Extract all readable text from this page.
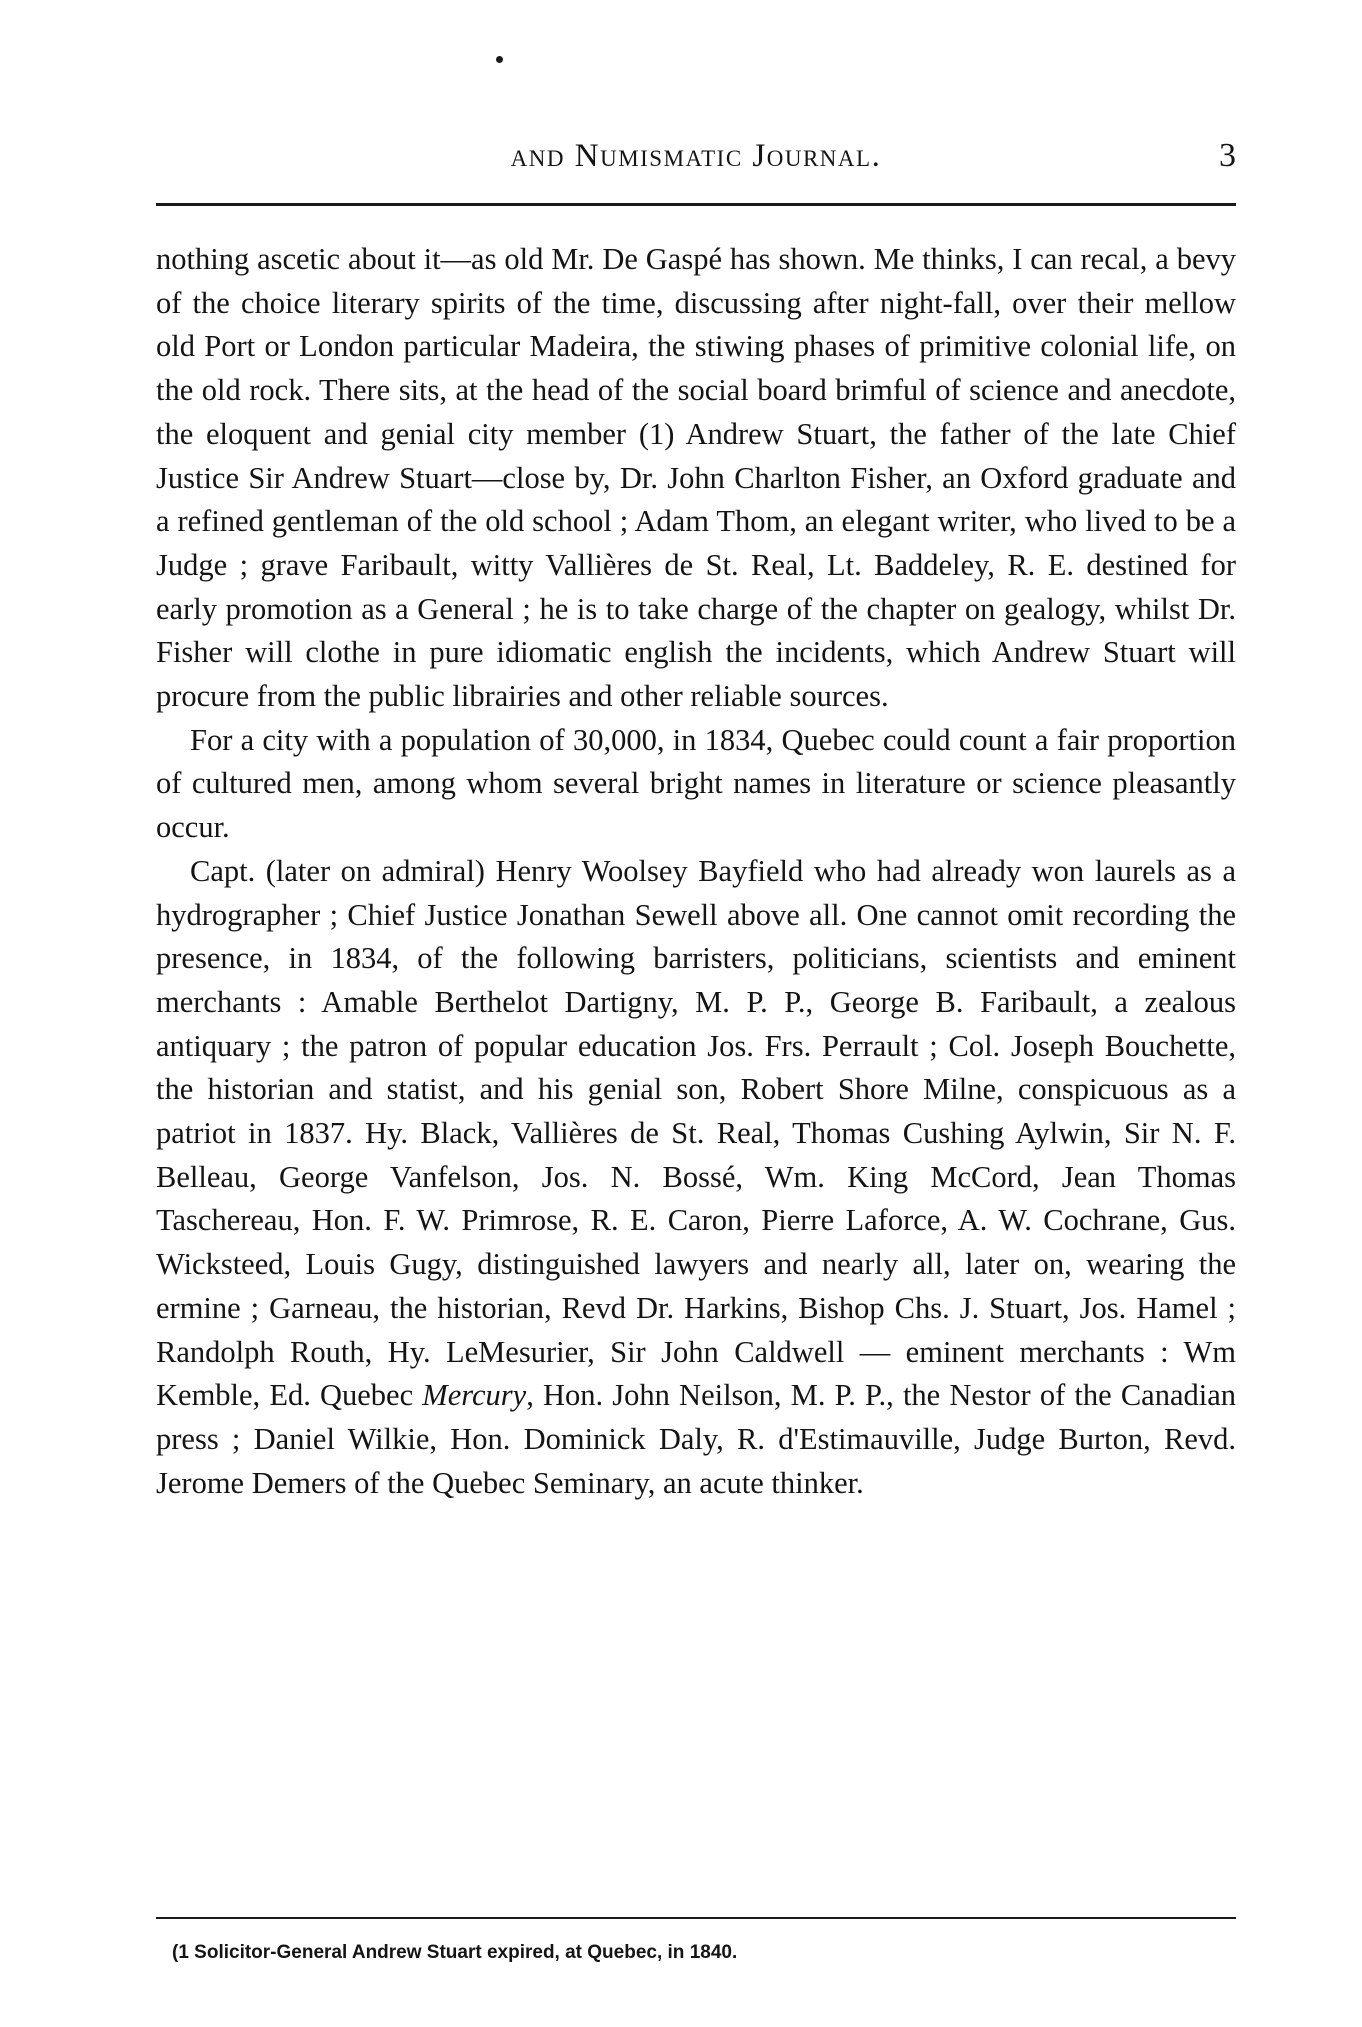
and Numismatic Journal.	3

nothing ascetic about it—as old Mr. De Gaspé has shown. Me thinks, I can recal, a bevy of the choice literary spirits of the time, discussing after night-fall, over their mellow old Port or London particular Madeira, the stiwing phases of primitive colonial life, on the old rock. There sits, at the head of the social board brimful of science and anecdote, the eloquent and genial city member (1) Andrew Stuart, the father of the late Chief Justice Sir Andrew Stuart—close by, Dr. John Charlton Fisher, an Oxford graduate and a refined gentleman of the old school ; Adam Thom, an elegant writer, who lived to be a Judge ; grave Faribault, witty Vallières de St. Real, Lt. Baddeley, R. E. destined for early promotion as a General ; he is to take charge of the chapter on gealogy, whilst Dr. Fisher will clothe in pure idiomatic english the incidents, which Andrew Stuart will procure from the public librairies and other reliable sources.

For a city with a population of 30,000, in 1834, Quebec could count a fair proportion of cultured men, among whom several bright names in literature or science pleasantly occur.

Capt. (later on admiral) Henry Woolsey Bayfield who had already won laurels as a hydrographer ; Chief Justice Jonathan Sewell above all. One cannot omit recording the presence, in 1834, of the following barristers, politicians, scientists and eminent merchants : Amable Berthelot Dartigny, M. P. P., George B. Faribault, a zealous antiquary ; the patron of popular education Jos. Frs. Perrault ; Col. Joseph Bouchette, the historian and statist, and his genial son, Robert Shore Milne, conspicuous as a patriot in 1837. Hy. Black, Vallières de St. Real, Thomas Cushing Aylwin, Sir N. F. Belleau, George Vanfelson, Jos. N. Bossé, Wm. King McCord, Jean Thomas Taschereau, Hon. F. W. Primrose, R. E. Caron, Pierre Laforce, A. W. Cochrane, Gus. Wicksteed, Louis Gugy, distinguished lawyers and nearly all, later on, wearing the ermine ; Garneau, the historian, Revd Dr. Harkins, Bishop Chs. J. Stuart, Jos. Hamel ; Randolph Routh, Hy. LeMesurier, Sir John Caldwell — eminent merchants : Wm Kemble, Ed. Quebec Mercury, Hon. John Neilson, M. P. P., the Nestor of the Canadian press ; Daniel Wilkie, Hon. Dominick Daly, R. d'Estimauville, Judge Burton, Revd. Jerome Demers of the Quebec Seminary, an acute thinker.

(1 Solicitor-General Andrew Stuart expired, at Quebec, in 1840.
